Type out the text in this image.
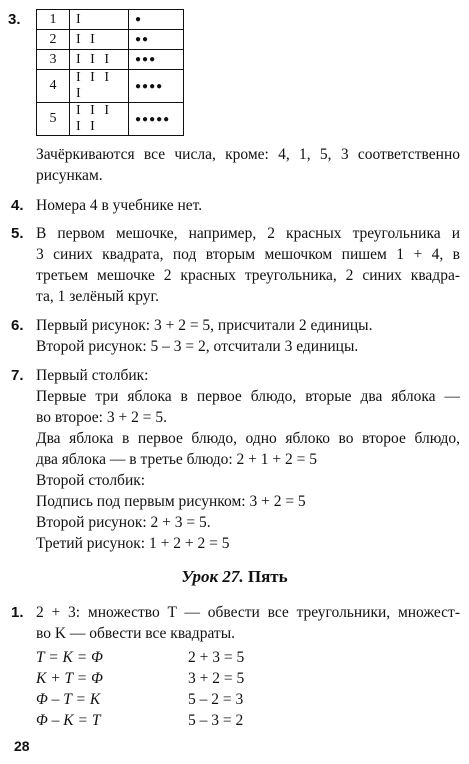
3. 1	I	●
2	I I	●●
3	I I I	●●●
4	I I I I	●●●●
5	I I I I I	●●●●●
Зачёркиваются все числа, кроме: 4, 1, 5, 3 соответственно
рисункам.
4. Номера 4 в учебнике нет.
5. В первом мешочке, например, 2 красных треугольника и
3 синих квадрата, под вторым мешочком пишем 1 + 4, в
третьем мешочке 2 красных треугольника, 2 синих квадра-
та, 1 зелёный круг.
6. Первый рисунок: 3 + 2 = 5, присчитали 2 единицы.
Второй рисунок: 5 – 3 = 2, отсчитали 3 единицы.
7. Первый столбик:
Первые три яблока в первое блюдо, вторые два яблока —
во второе: 3 + 2 = 5.
Два яблока в первое блюдо, одно яблоко во второе блюдо,
два яблока — в третье блюдо: 2 + 1 + 2 = 5
Второй столбик:
Подпись под первым рисунком: 3 + 2 = 5
Второй рисунок: 2 + 3 = 5.
Третий рисунок: 1 + 2 + 2 = 5
Урок 27. Пять
1. 2 + 3: множество T — обвести все треугольники, множест-
во K — обвести все квадраты.
T = K = Φ	2 + 3 = 5
K + T = Φ	3 + 2 = 5
Φ – T = K	5 – 2 = 3
Φ – K = T	5 – 3 = 2
28
